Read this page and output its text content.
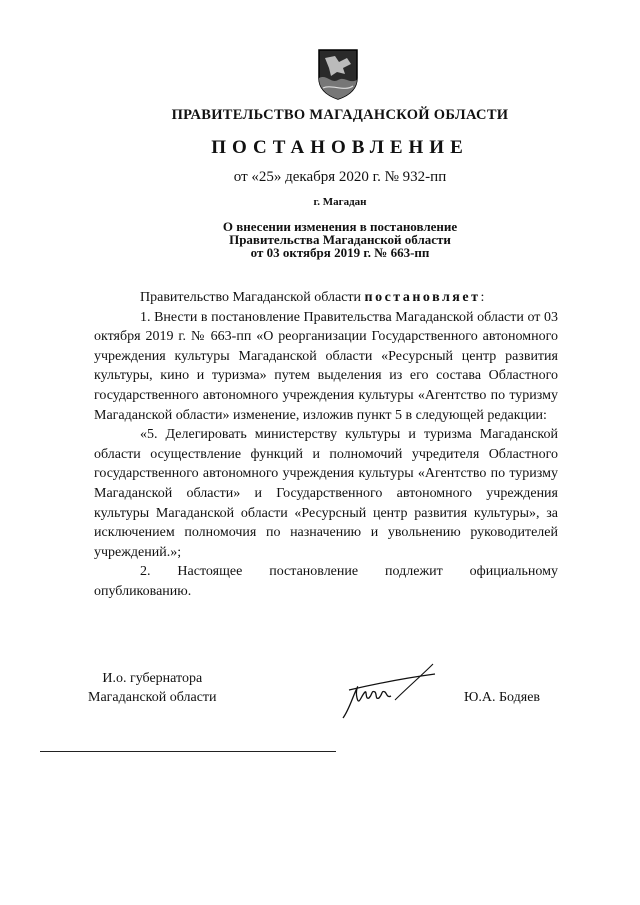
ПРАВИТЕЛЬСТВО МАГАДАНСКОЙ ОБЛАСТИ
ПОСТАНОВЛЕНИЕ
от «25» декабря 2020 г. № 932-пп
г. Магадан
О внесении изменения в постановление
Правительства Магаданской области
от 03 октября 2019 г. № 663-пп

Правительство Магаданской области постановляет:

1. Внести в постановление Правительства Магаданской области от 03 октября 2019 г. № 663-пп «О реорганизации Государственного автономного учреждения культуры Магаданской области «Ресурсный центр развития культуры, кино и туризма» путем выделения из его состава Областного государственного автономного учреждения культуры «Агентство по туризму Магаданской области» изменение, изложив пункт 5 в следующей редакции:

«5. Делегировать министерству культуры и туризма Магаданской области осуществление функций и полномочий учредителя Областного государственного автономного учреждения культуры «Агентство по туризму Магаданской области» и Государственного автономного учреждения культуры Магаданской области «Ресурсный центр развития культуры», за исключением полномочия по назначению и увольнению руководителей учреждений.»;

2. Настоящее постановление подлежит официальному опубликованию.

И.о. губернатора
Магаданской области	Ю.А. Бодяев
